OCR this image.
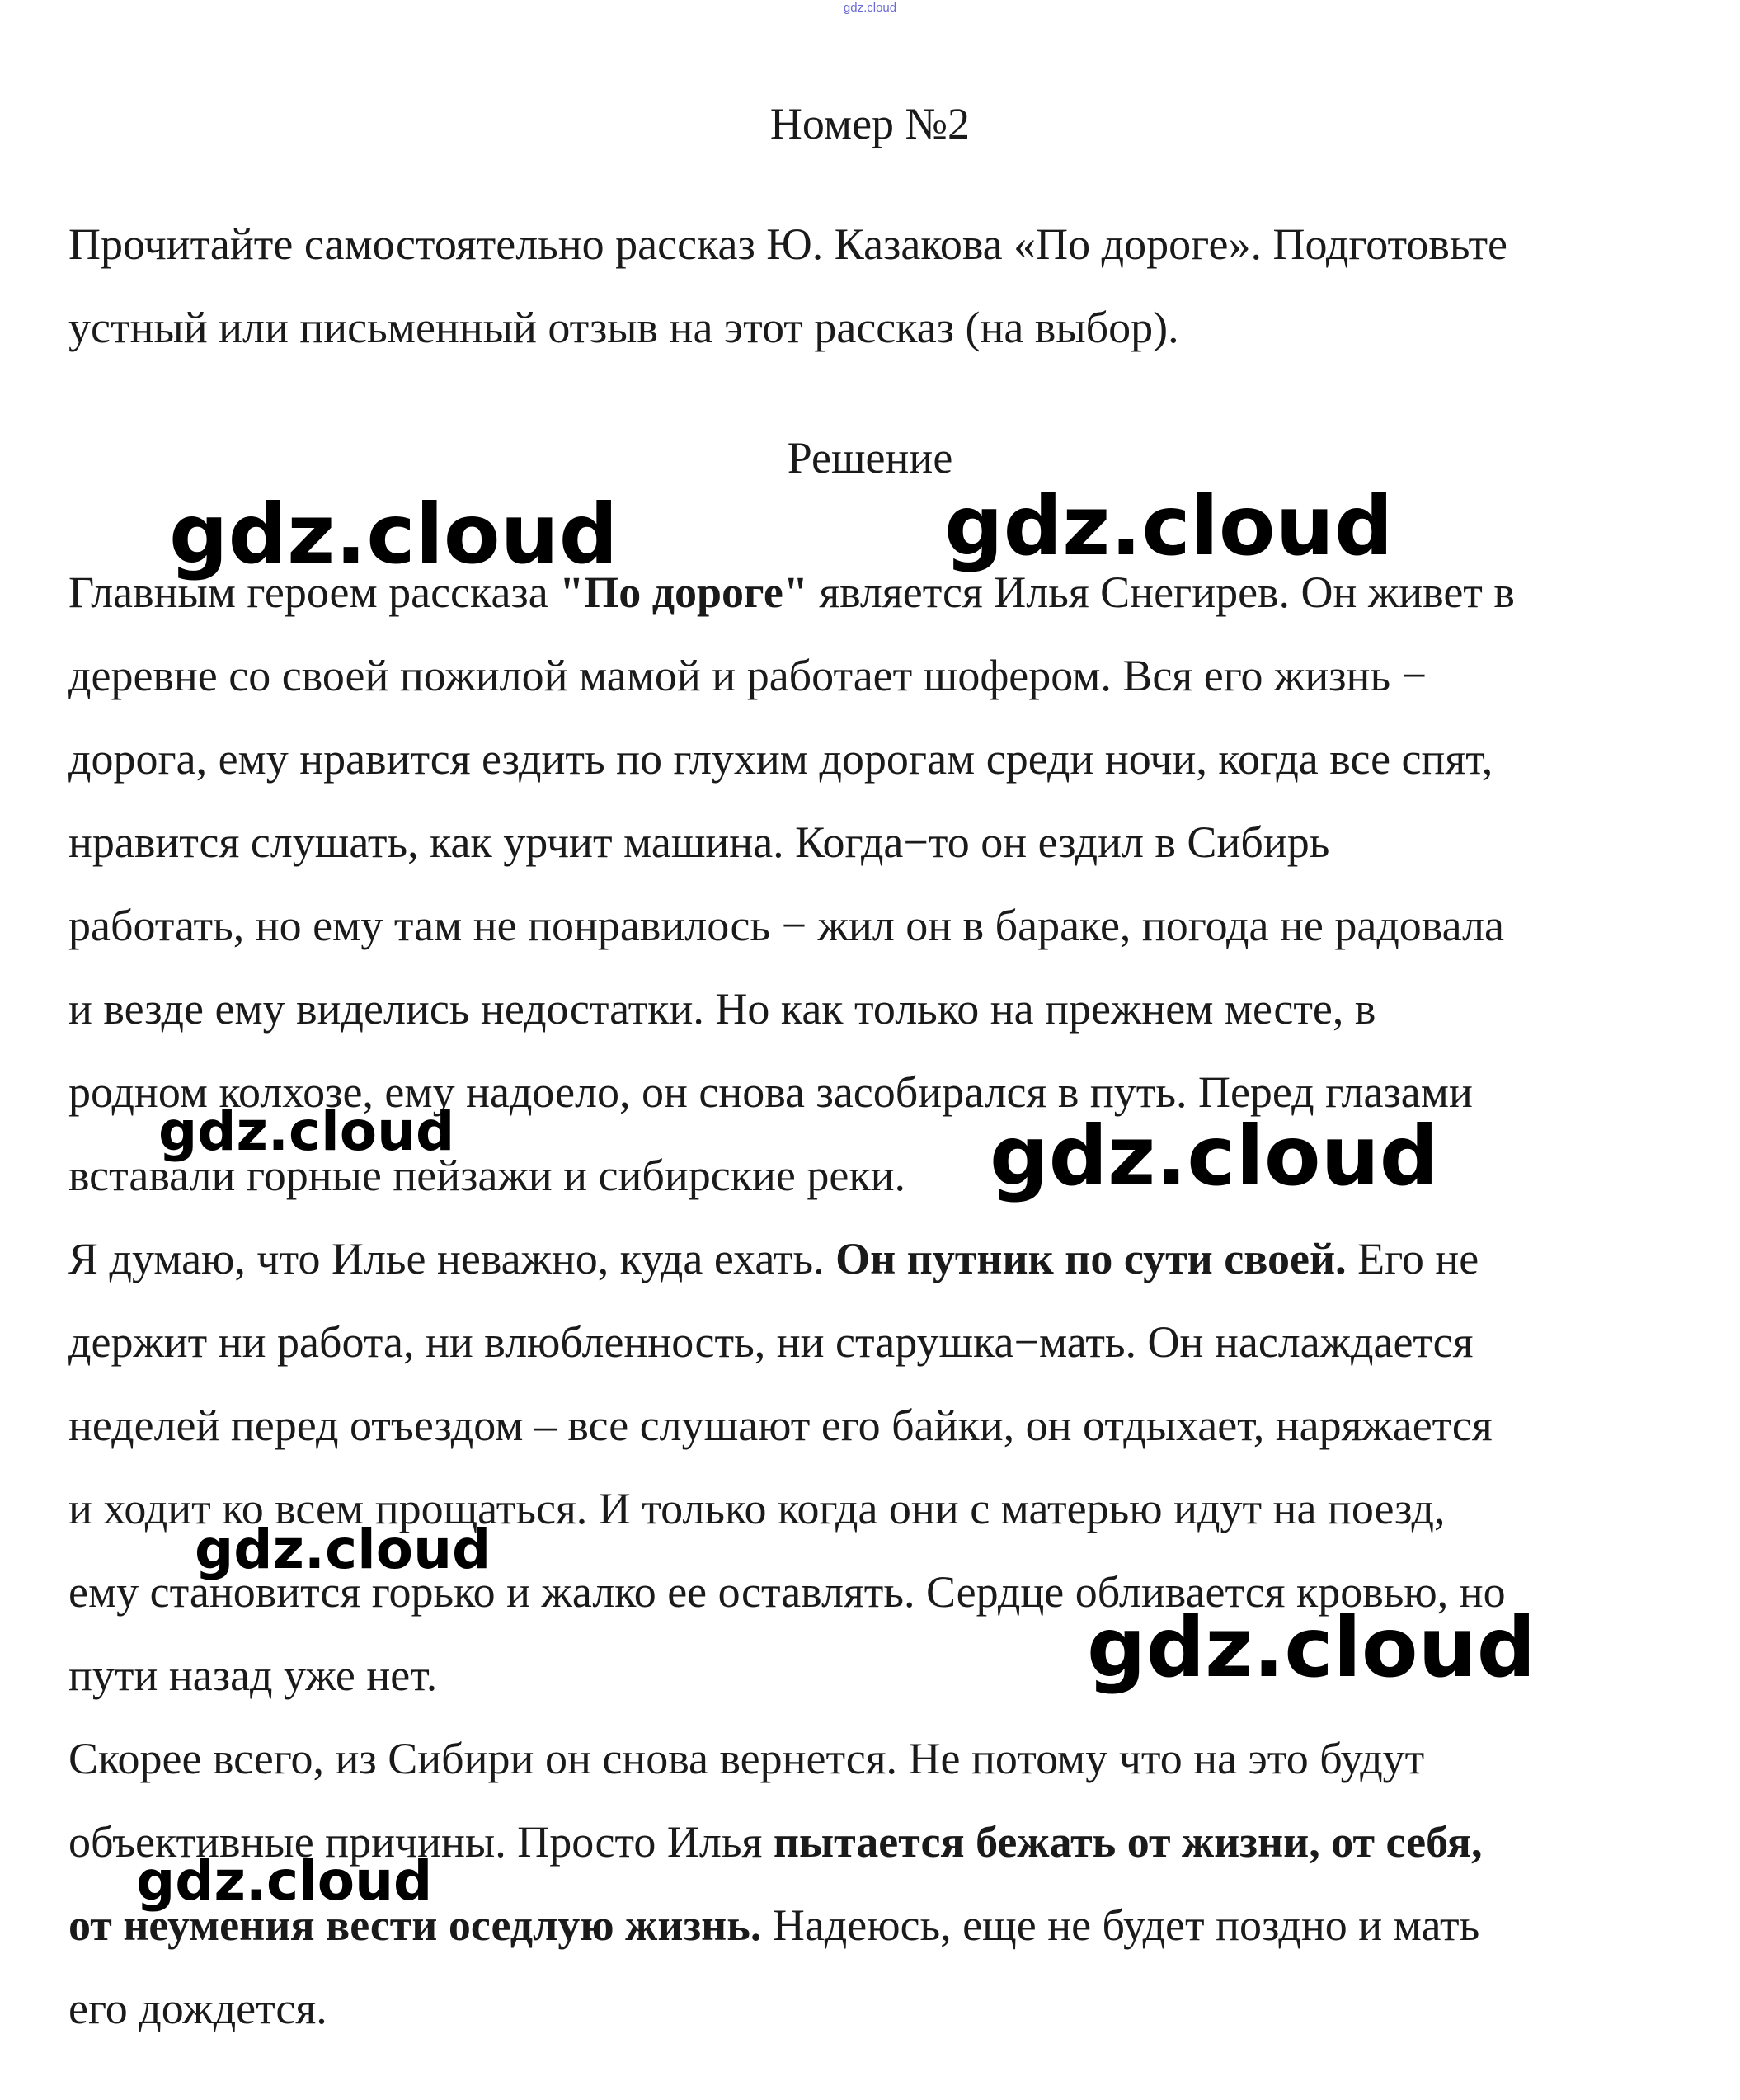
gdz.cloud
Номер №2
Прочитайте самостоятельно рассказ Ю. Казакова «По дороге». Подготовьте
устный или письменный отзыв на этот рассказ (на выбор).
Решение
Главным героем рассказа "По дороге" является Илья Снегирев. Он живет в
деревне со своей пожилой мамой и работает шофером. Вся его жизнь −
дорога, ему нравится ездить по глухим дорогам среди ночи, когда все спят,
нравится слушать, как урчит машина. Когда−то он ездил в Сибирь
работать, но ему там не понравилось − жил он в бараке, погода не радовала
и везде ему виделись недостатки. Но как только на прежнем месте, в
родном колхозе, ему надоело, он снова засобирался в путь. Перед глазами
вставали горные пейзажи и сибирские реки.
Я думаю, что Илье неважно, куда ехать. Он путник по сути своей. Его не
держит ни работа, ни влюбленность, ни старушка−мать. Он наслаждается
неделей перед отъездом – все слушают его байки, он отдыхает, наряжается
и ходит ко всем прощаться. И только когда они с матерью идут на поезд,
ему становится горько и жалко ее оставлять. Сердце обливается кровью, но
пути назад уже нет.
Скорее всего, из Сибири он снова вернется. Не потому что на это будут
объективные причины. Просто Илья пытается бежать от жизни, от себя,
от неумения вести оседлую жизнь. Надеюсь, еще не будет поздно и мать
его дождется.
gdz.cloud	gdz.cloud
gdz.cloud	gdz.cloud
gdz.cloud
gdz.cloud
gdz.cloud
